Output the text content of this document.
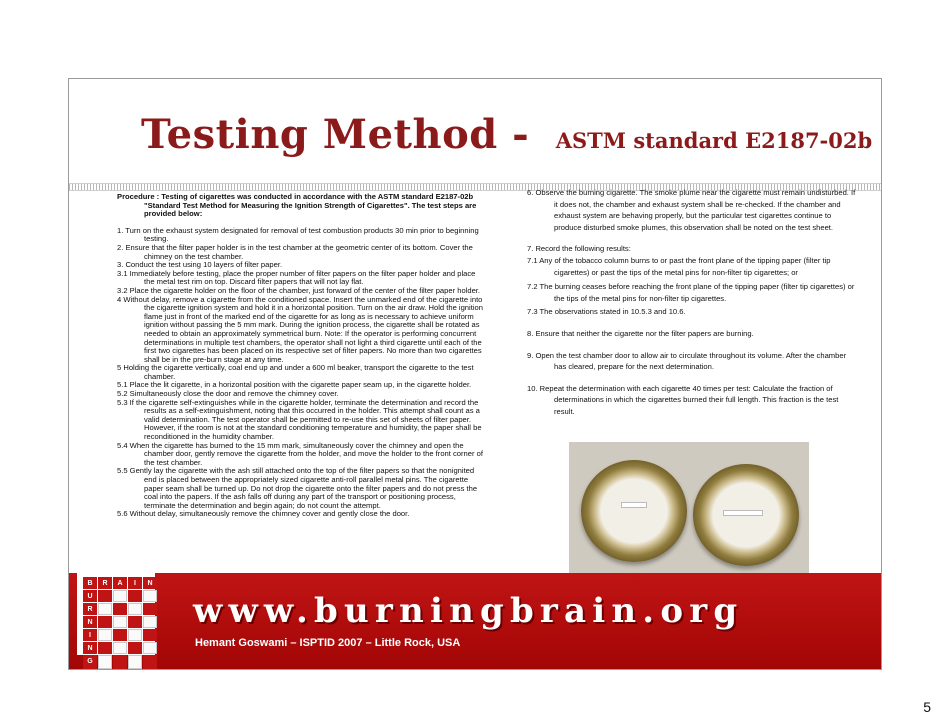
Testing Method - ASTM standard E2187-02b

Procedure : Testing of cigarettes was conducted in accordance with the ASTM standard E2187-02b "Standard Test Method for Measuring the Ignition Strength of Cigarettes". The test steps are provided below:

1. Turn on the exhaust system designated for removal of test combustion products 30 min prior to beginning testing.

2. Ensure that the filter paper holder is in the test chamber at the geometric center of its bottom. Cover the chimney on the test chamber.

3. Conduct the test using 10 layers of filter paper.

3.1 Immediately before testing, place the proper number of filter papers on the filter paper holder and place the metal test rim on top. Discard filter papers that will not lay flat.

3.2 Place the cigarette holder on the floor of the chamber, just forward of the center of the filter paper holder.

4 Without delay, remove a cigarette from the conditioned space. Insert the unmarked end of the cigarette into the cigarette ignition system and hold it in a horizontal position. Turn on the air draw. Hold the ignition flame just in front of the marked end of the cigarette for as long as is necessary to achieve uniform ignition without passing the 5 mm mark. During the ignition process, the cigarette shall be rotated as needed to obtain an approximately symmetrical burn. Note: If the operator is performing concurrent determinations in multiple test chambers, the operator shall not light a third cigarette until each of the first two cigarettes has been placed on its respective set of filter papers. No more than two cigarettes shall be in the pre-burn stage at any time.

5 Holding the cigarette vertically, coal end up and under a 600 ml beaker, transport the cigarette to the test chamber.

5.1 Place the lit cigarette, in a horizontal position with the cigarette paper seam up, in the cigarette holder.

5.2 Simultaneously close the door and remove the chimney cover.

5.3 If the cigarette self-extinguishes while in the cigarette holder, terminate the determination and record the results as a self-extinguishment, noting that this occurred in the holder. This attempt shall count as a valid determination. The test operator shall be permitted to re-use this set of sheets of filter paper. However, if the room is not at the standard conditioning temperature and humidity, the paper shall be reconditioned in the humidity chamber.

5.4 When the cigarette has burned to the 15 mm mark, simultaneously cover the chimney and open the chamber door, gently remove the cigarette from the holder, and move the holder to the front corner of the test chamber.

5.5 Gently lay the cigarette with the ash still attached onto the top of the filter papers so that the nonignited end is placed between the appropriately sized cigarette anti-roll parallel metal pins. The cigarette paper seam shall be turned up. Do not drop the cigarette onto the filter papers and do not press the coal into the papers. If the ash falls off during any part of the transport or positioning process, terminate the determination and begin again; do not count the attempt.

5.6 Without delay, simultaneously remove the chimney cover and gently close the door.

6. Observe the burning cigarette. The smoke plume near the cigarette must remain undisturbed. If it does not, the chamber and exhaust system shall be re-checked. If the chamber and exhaust system are behaving properly, but the particular test cigarettes continue to produce disturbed smoke plumes, this observation shall be noted on the test sheet.

7. Record the following results:

7.1 Any of the tobacco column burns to or past the front plane of the tipping paper (filter tip cigarettes) or past the tips of the metal pins for non-filter tip cigarettes; or

7.2 The burning ceases before reaching the front plane of the tipping paper (filter tip cigarettes) or the tips of the metal pins for non-filter tip cigarettes.

7.3 The observations stated in 10.5.3 and 10.6.

8. Ensure that neither the cigarette nor the filter papers are burning.

9. Open the test chamber door to allow air to circulate throughout its volume. After the chamber has cleared, prepare for the next determination.

10. Repeat the determination with each cigarette 40 times per test: Calculate the fraction of determinations in which the cigarettes burned their full length. This fraction is the test result.

B	R	A	I	N
U
R
N
I
N
G
www.burningbrain.org
Hemant Goswami – ISPTID 2007 – Little Rock, USA
5
